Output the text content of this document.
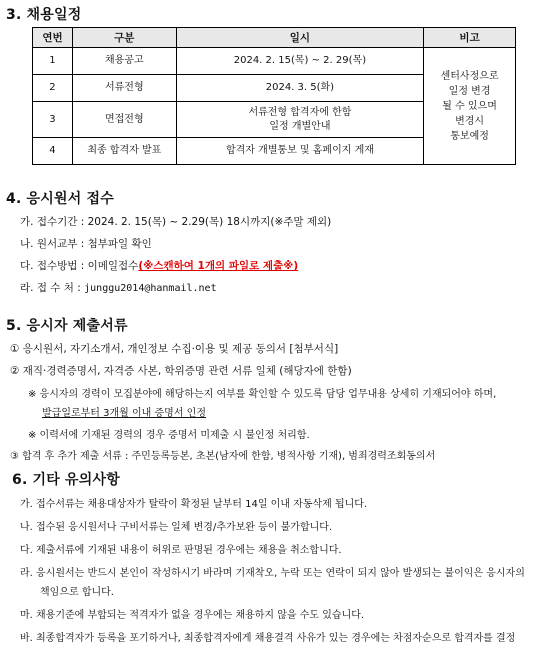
3. 채용일정
연번	구분	일시	비고
1	채용공고	2024. 2. 15(목) ~ 2. 29(목)	센터사정으로
일정 변경
될 수 있으며
변경시
통보예정

2	서류전형	2024. 3. 5(화)	
3	면접전형	서류전형 합격자에 한함
일정 개별안내	

4	최종 합격자 발표	합격자 개별통보 및 홈페이지 게재	
4. 응시원서 접수
가. 접수기간 : 2024. 2. 15(목) ~ 2.29(목) 18시까지(※주말 제외)
나. 원서교부 : 첨부파일 확인
다. 접수방법 : 이메일접수(※스캔하여 1개의 파일로 제출※)
라. 접 수 처 : junggu2014@hanmail.net
5. 응시자 제출서류
① 응시원서, 자기소개서, 개인정보 수집·이용 및 제공 동의서 [첨부서식]
② 재직·경력증명서, 자격증 사본, 학위증명 관련 서류 일체 (해당자에 한함)
※ 응시자의 경력이 모집분야에 해당하는지 여부를 확인할 수 있도록 담당 업무내용 상세히 기재되어야 하며,
발급일로부터 3개월 이내 증명서 인정
※ 이력서에 기재된 경력의 경우 증명서 미제출 시 불인정 처리함.
③ 합격 후 추가 제출 서류 : 주민등록등본, 초본(남자에 한함, 병적사항 기재), 범죄경력조회동의서
6. 기타 유의사항
가. 접수서류는 채용대상자가 탈락이 확정된 날부터 14일 이내 자동삭제 됩니다.
나. 접수된 응시원서나 구비서류는 일체 변경/추가보완 등이 불가합니다.
다. 제출서류에 기재된 내용이 허위로 판명된 경우에는 채용을 취소합니다.
라. 응시원서는 반드시 본인이 작성하시기 바라며 기재착오, 누락 또는 연락이 되지 않아 발생되는 불이익은 응시자의
책임으로 합니다.
마. 채용기준에 부합되는 적격자가 없을 경우에는 채용하지 않을 수도 있습니다.
바. 최종합격자가 등록을 포기하거나, 최종합격자에게 채용결격 사유가 있는 경우에는 차점자순으로 합격자를 결정
